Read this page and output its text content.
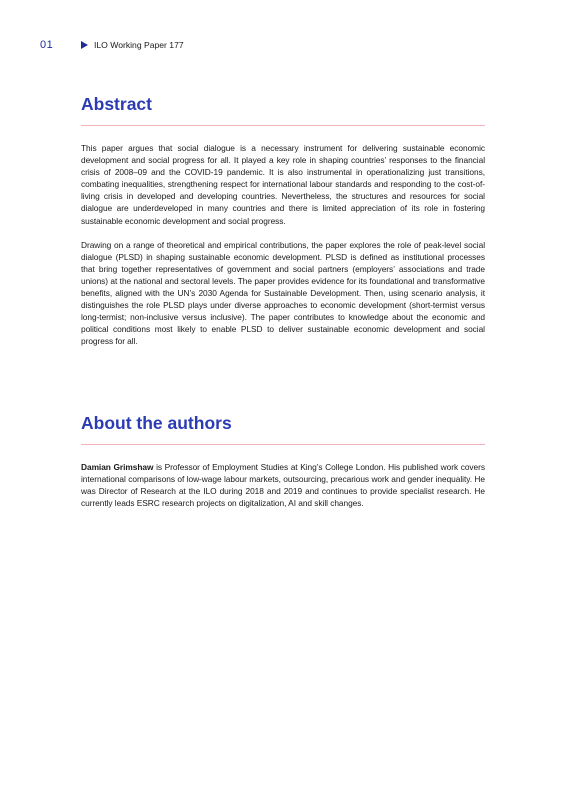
01	ILO Working Paper 177
Abstract

This paper argues that social dialogue is a necessary instrument for delivering sustainable economic development and social progress for all. It played a key role in shaping countries’ responses to the financial crisis of 2008–09 and the COVID-19 pandemic. It is also instrumental in operationalizing just transitions, combating inequalities, strengthening respect for international labour standards and responding to the cost-of-living crisis in developed and developing countries. Nevertheless, the structures and resources for social dialogue are underdeveloped in many countries and there is limited appreciation of its role in fostering sustainable economic development and social progress.

Drawing on a range of theoretical and empirical contributions, the paper explores the role of peak-level social dialogue (PLSD) in shaping sustainable economic development. PLSD is defined as institutional processes that bring together representatives of government and social partners (employers’ associations and trade unions) at the national and sectoral levels. The paper provides evidence for its foundational and transformative benefits, aligned with the UN’s 2030 Agenda for Sustainable Development. Then, using scenario analysis, it distinguishes the role PLSD plays under diverse approaches to economic development (short-termist versus long-termist; non-inclusive versus inclusive). The paper contributes to knowledge about the economic and political conditions most likely to enable PLSD to deliver sustainable economic development and social progress for all.

About the authors

Damian Grimshaw is Professor of Employment Studies at King’s College London. His published work covers international comparisons of low-wage labour markets, outsourcing, precarious work and gender inequality. He was Director of Research at the ILO during 2018 and 2019 and continues to provide specialist research. He currently leads ESRC research projects on digitalization, AI and skill changes.
